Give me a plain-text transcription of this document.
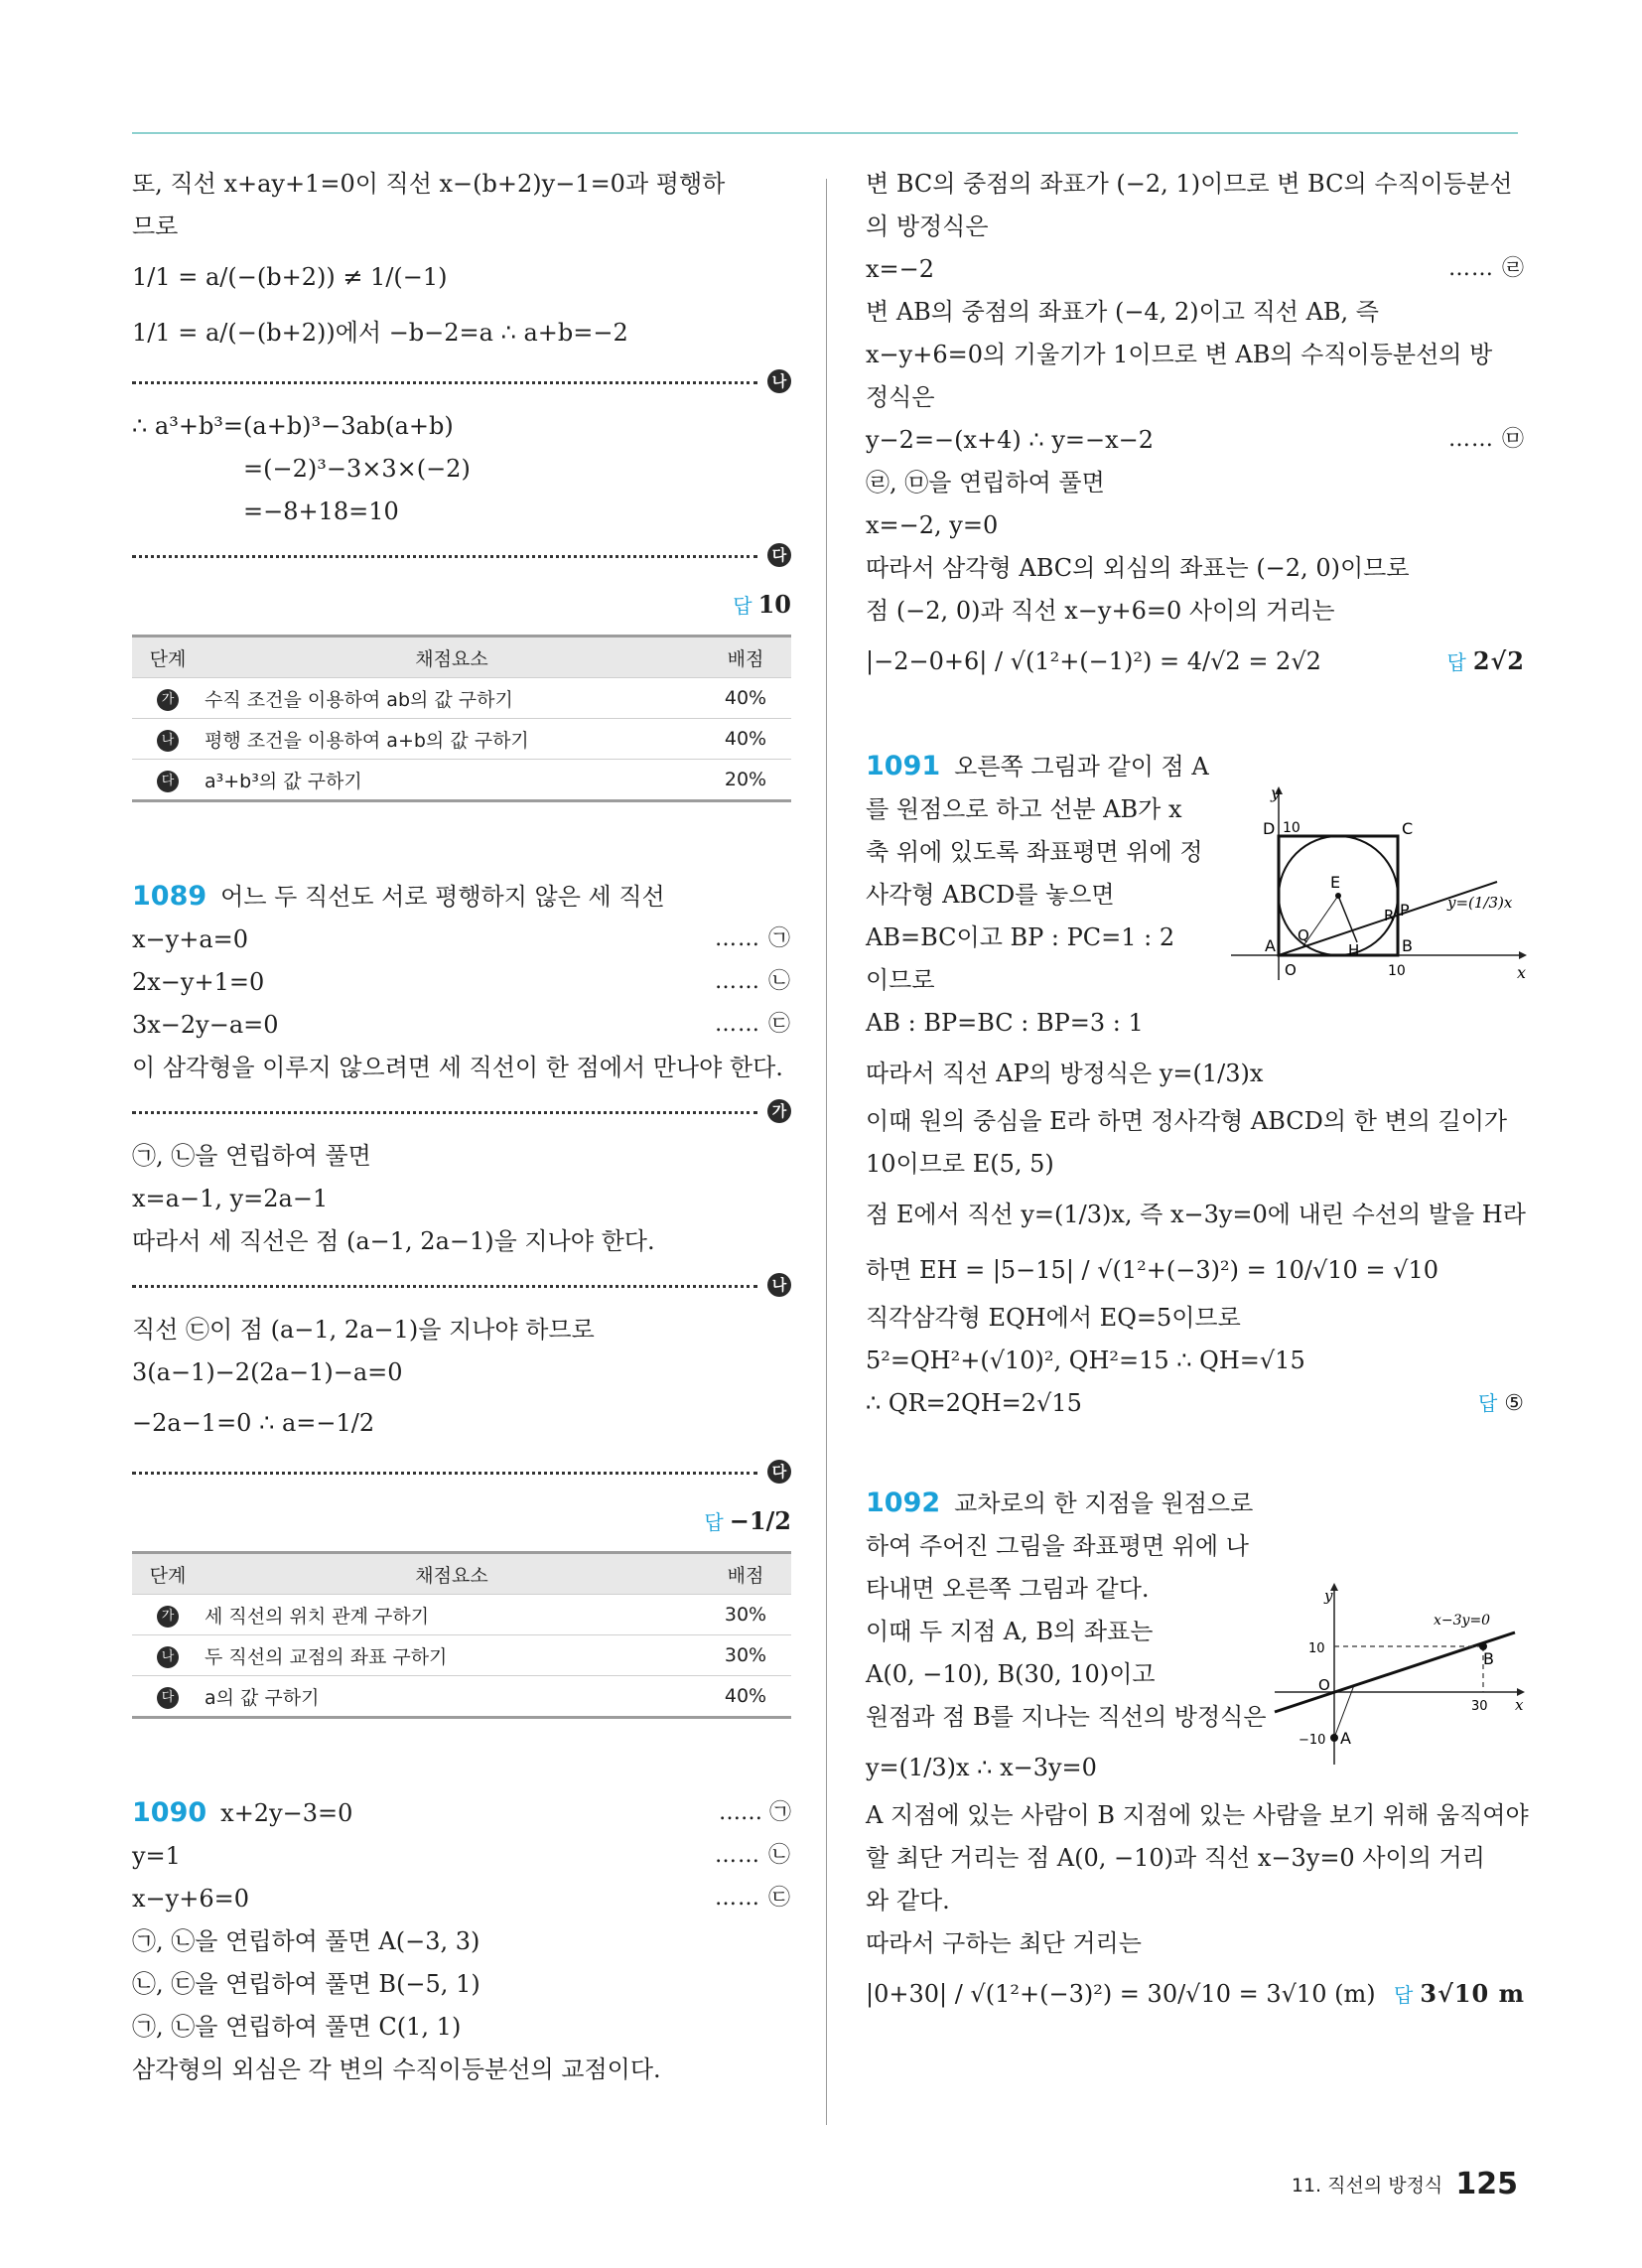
또, 직선 x+ay+1=0이 직선 x−(b+2)y−1=0과 평행하
므로
1/1 = a/(−(b+2)) ≠ 1/(−1)
1/1 = a/(−(b+2))에서 −b−2=a ∴ a+b=−2
나
∴ a³+b³=(a+b)³−3ab(a+b)
=(−2)³−3×3×(−2)
=−8+18=10
다
답 10
단계	채점요소	배점
가	수직 조건을 이용하여 ab의 값 구하기	40%
나	평행 조건을 이용하여 a+b의 값 구하기	40%
다	a³+b³의 값 구하기	20%
1089 어느 두 직선도 서로 평행하지 않은 세 직선
x−y+a=0	…… ㉠
2x−y+1=0	…… ㉡
3x−2y−a=0	…… ㉢
이 삼각형을 이루지 않으려면 세 직선이 한 점에서 만나야 한다.
가
㉠, ㉡을 연립하여 풀면
x=a−1, y=2a−1
따라서 세 직선은 점 (a−1, 2a−1)을 지나야 한다.
나
직선 ㉢이 점 (a−1, 2a−1)을 지나야 하므로
3(a−1)−2(2a−1)−a=0
−2a−1=0 ∴ a=−1/2
다
답 −1/2
단계	채점요소	배점
가	세 직선의 위치 관계 구하기	30%
나	두 직선의 교점의 좌표 구하기	30%
다	a의 값 구하기	40%
1090 x+2y−3=0	…… ㉠
y=1	…… ㉡
x−y+6=0	…… ㉢
㉠, ㉡을 연립하여 풀면 A(−3, 3)
㉡, ㉢을 연립하여 풀면 B(−5, 1)
㉠, ㉡을 연립하여 풀면 C(1, 1)
삼각형의 외심은 각 변의 수직이등분선의 교점이다.
변 BC의 중점의 좌표가 (−2, 1)이므로 변 BC의 수직이등분선
의 방정식은
x=−2	…… ㉣
변 AB의 중점의 좌표가 (−4, 2)이고 직선 AB, 즉
x−y+6=0의 기울기가 1이므로 변 AB의 수직이등분선의 방
정식은
y−2=−(x+4) ∴ y=−x−2	…… ㉤
㉣, ㉤을 연립하여 풀면
x=−2, y=0
따라서 삼각형 ABC의 외심의 좌표는 (−2, 0)이므로
점 (−2, 0)과 직선 x−y+6=0 사이의 거리는
|−2−0+6| / √(1²+(−1)²) = 4/√2 = 2√2	답 2√2
1091 오른쪽 그림과 같이 점 A
를 원점으로 하고 선분 AB가 x
축 위에 있도록 좌표평면 위에 정
사각형 ABCD를 놓으면
AB=BC이고 BP : PC=1 : 2
이므로
AB : BP=BC : BP=3 : 1
따라서 직선 AP의 방정식은 y=(1/3)x
이때 원의 중심을 E라 하면 정사각형 ABCD의 한 변의 길이가
10이므로 E(5, 5)
점 E에서 직선 y=(1/3)x, 즉 x−3y=0에 내린 수선의 발을 H라
하면 EH = |5−15| / √(1²+(−3)²) = 10/√10 = √10
직각삼각형 EQH에서 EQ=5이므로
5²=QH²+(√10)², QH²=15 ∴ QH=√15
∴ QR=2QH=2√15	답 ⑤
1092 교차로의 한 지점을 원점으로
하여 주어진 그림을 좌표평면 위에 나
타내면 오른쪽 그림과 같다.
이때 두 지점 A, B의 좌표는
A(0, −10), B(30, 10)이고
원점과 점 B를 지나는 직선의 방정식은
y=(1/3)x ∴ x−3y=0
A 지점에 있는 사람이 B 지점에 있는 사람을 보기 위해 움직여야
할 최단 거리는 점 A(0, −10)과 직선 x−3y=0 사이의 거리
와 같다.
따라서 구하는 최단 거리는
|0+30| / √(1²+(−3)²) = 30/√10 = 3√10 (m) 답 3√10 m
y
x
O
10
10
A	B
C
D
E
P
Q
R
H
y=(1/3)x
y
x
O
10
−10
30
A
B
x−3y=0
11. 직선의 방정식 125
